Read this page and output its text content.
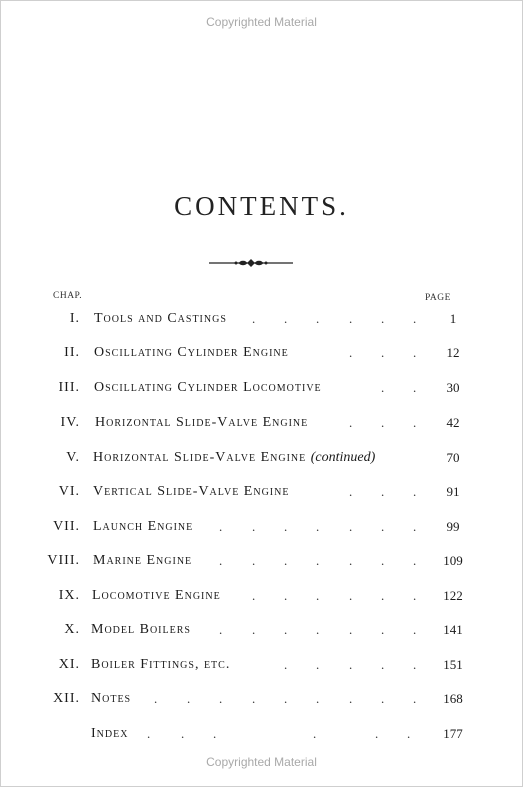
Copyrighted Material
CONTENTS.
CHAP.	PAGE
I. Tools and Castings . . . . . .	1
II. Oscillating Cylinder Engine	. . . 12
III. Oscillating Cylinder Locomotive	. . 30
IV. Horizontal Slide-Valve Engine	. . . 42
V. Horizontal Slide-Valve Engine (continued)	70
VI. Vertical Slide-Valve Engine	. . . 91
VII. Launch Engine . . . . . . . 99
VIII. Marine Engine . . . . . . . 109
IX. Locomotive Engine . . . . . . 122
X. Model Boilers . . . . . . . 141
XI. Boiler Fittings, etc.	. . . . . 151
XII. Notes . . . . . . . . . 168
Index . . .	.	. .	177
Copyrighted Material
